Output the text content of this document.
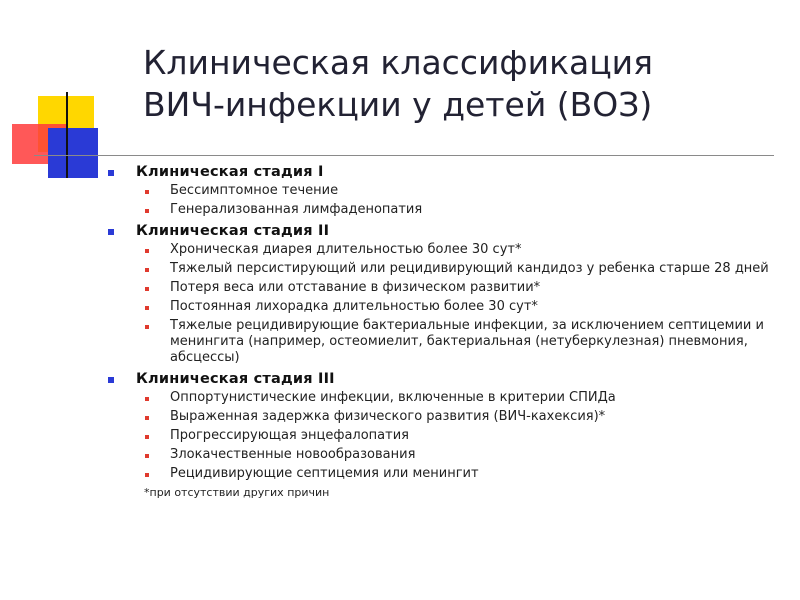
Клиническая классификация
ВИЧ-инфекции у детей (ВОЗ)
Клиническая стадия I
Бессимптомное течение
Генерализованная лимфаденопатия
Клиническая стадия II
Хроническая диарея длительностью более 30 сут*
Тяжелый персистирующий или рецидивирующий кандидоз у ребенка старше 28 дней
Потеря веса или отставание в физическом развитии*
Постоянная лихорадка длительностью более 30 сут*
Тяжелые рецидивирующие бактериальные инфекции, за исключением септицемии и менингита (например, остеомиелит, бактериальная (нетуберкулезная) пневмония, абсцессы)
Клиническая стадия III
Оппортунистические инфекции, включенные в критерии СПИДа
Выраженная задержка физического развития (ВИЧ-кахексия)*
Прогрессирующая энцефалопатия
Злокачественные новообразования
Рецидивирующие септицемия или менингит
*при отсутствии других причин
